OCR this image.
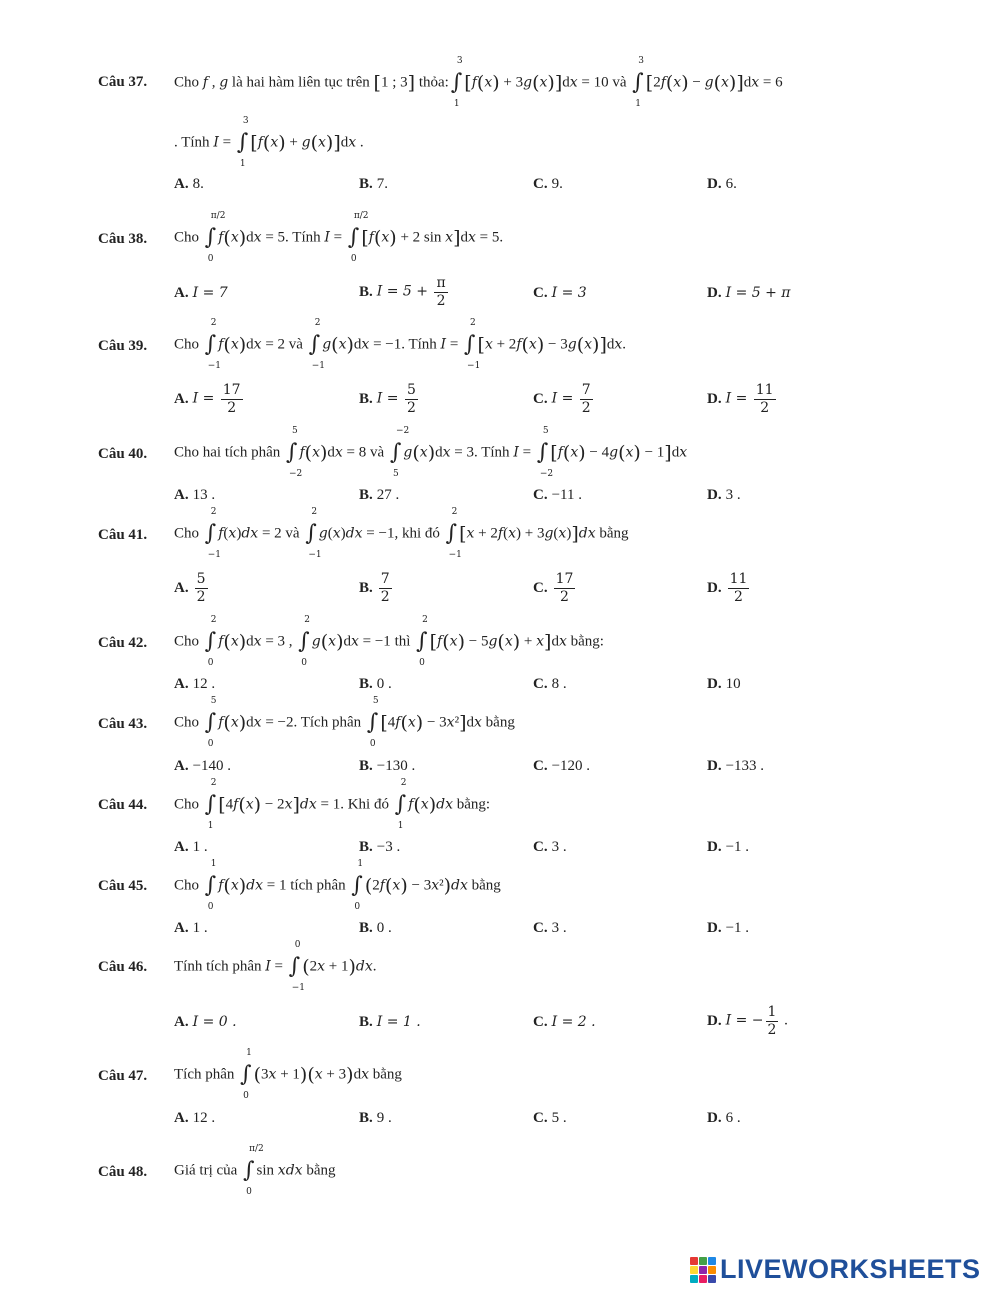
Câu 37. Cho f , g là hai hàm liên tục trên [1 ; 3] thỏa:∫
3
1
[f(x) + 3g(x)]dx = 10 và ∫
3
1
[2f(x) − g(x)]dx = 6
. Tính I = ∫
3
1
[f(x) + g(x)]dx .
A. 8.	B. 7.	C. 9.	D. 6.
Câu 38. Cho ∫
π/2
0
f(x)dx = 5. Tính I = ∫
π/2
0
[f(x) + 2 sin x]dx = 5.
A. I = 7	B. $I = 5 + \frac{\pi}{2}$	C. I = 3	D. I = 5 + π
Câu 39. Cho ∫
2
−1
f(x)dx = 2 và ∫
2
−1
g(x)dx = −1. Tính I = ∫
2
−1
[x + 2f(x) − 3g(x)]dx.
A. $I = \frac{17}{2}$	B. $I = \frac{5}{2}$	C. $I = \frac{7}{2}$	D. $I = \frac{11}{2}$
Câu 40. Cho hai tích phân ∫
5
−2
f(x)dx = 8 và ∫
−2
5
g(x)dx = 3. Tính I = ∫
5
−2
[f(x) − 4g(x) − 1]dx
A. 13 .	B. 27 .	C. −11 .	D. 3 .
Câu 41. Cho ∫
2
−1
f(x)dx = 2 và ∫
2
−1
g(x)dx = −1, khi đó ∫
2
−1
[x + 2f(x) + 3g(x)]dx bằng
A. $\frac{5}{2}$	B. $\frac{7}{2}$	C. $\frac{17}{2}$	D. $\frac{11}{2}$
Câu 42. Cho ∫
2
0
f(x)dx = 3 , ∫
2
0
g(x)dx = −1 thì ∫
2
0
[f(x) − 5g(x) + x]dx bằng:
A. 12 .	B. 0 .	C. 8 .	D. 10
Câu 43. Cho ∫
5
0
f(x)dx = −2. Tích phân ∫
5
0
[4f(x) − 3x²]dx bằng
A. −140 .	B. −130 .	C. −120 .	D. −133 .
Câu 44. Cho ∫
2
1
[4f(x) − 2x]dx = 1. Khi đó ∫
2
1
f(x)dx bằng:
A. 1 .	B. −3 .	C. 3 .	D. −1 .
Câu 45. Cho ∫
1
0
f(x)dx = 1 tích phân ∫
1
0
(2f(x) − 3x²)dx bằng
A. 1 .	B. 0 .	C. 3 .	D. −1 .
Câu 46. Tính tích phân I = ∫
0
−1
(2x + 1)dx.
A. I = 0 .	B. I = 1 .	C. I = 2 .	D. I = − $\frac{1}{2}$ .
Câu 47. Tích phân ∫
1
0
(3x + 1)(x + 3)dx bằng
A. 12 .	B. 9 .	C. 5 .	D. 6 .
Câu 48. Giá trị của ∫
π/2
0
sin xdx bằng
LIVEWORKSHEETS
